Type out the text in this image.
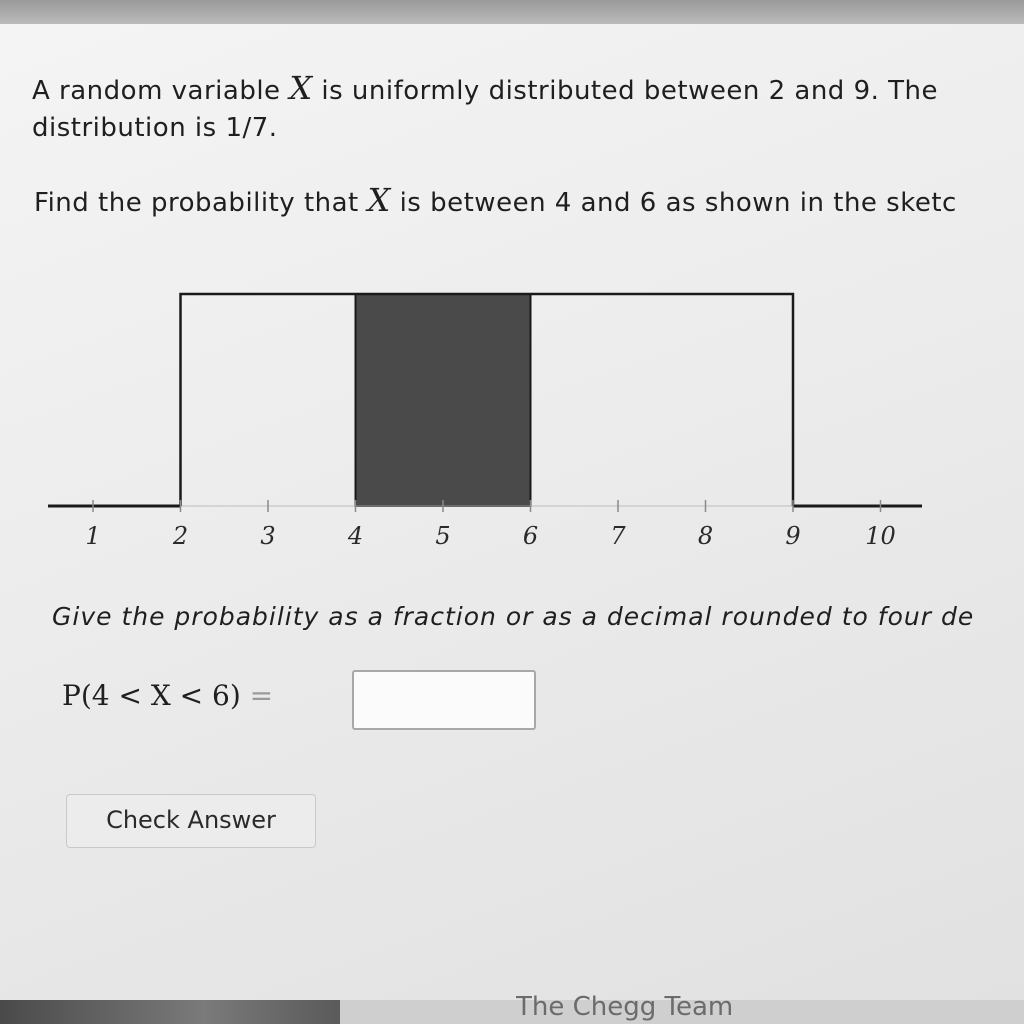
A random variable X is uniformly distributed between 2 and 9. The
distribution is 1/7.
Find the probability that X is between 4 and 6 as shown in the sketc
1	2	3	4	5	6	7	8	9	10
Give the probability as a fraction or as a decimal rounded to four de
P(4 < X < 6) =
Check Answer
The Chegg Team
